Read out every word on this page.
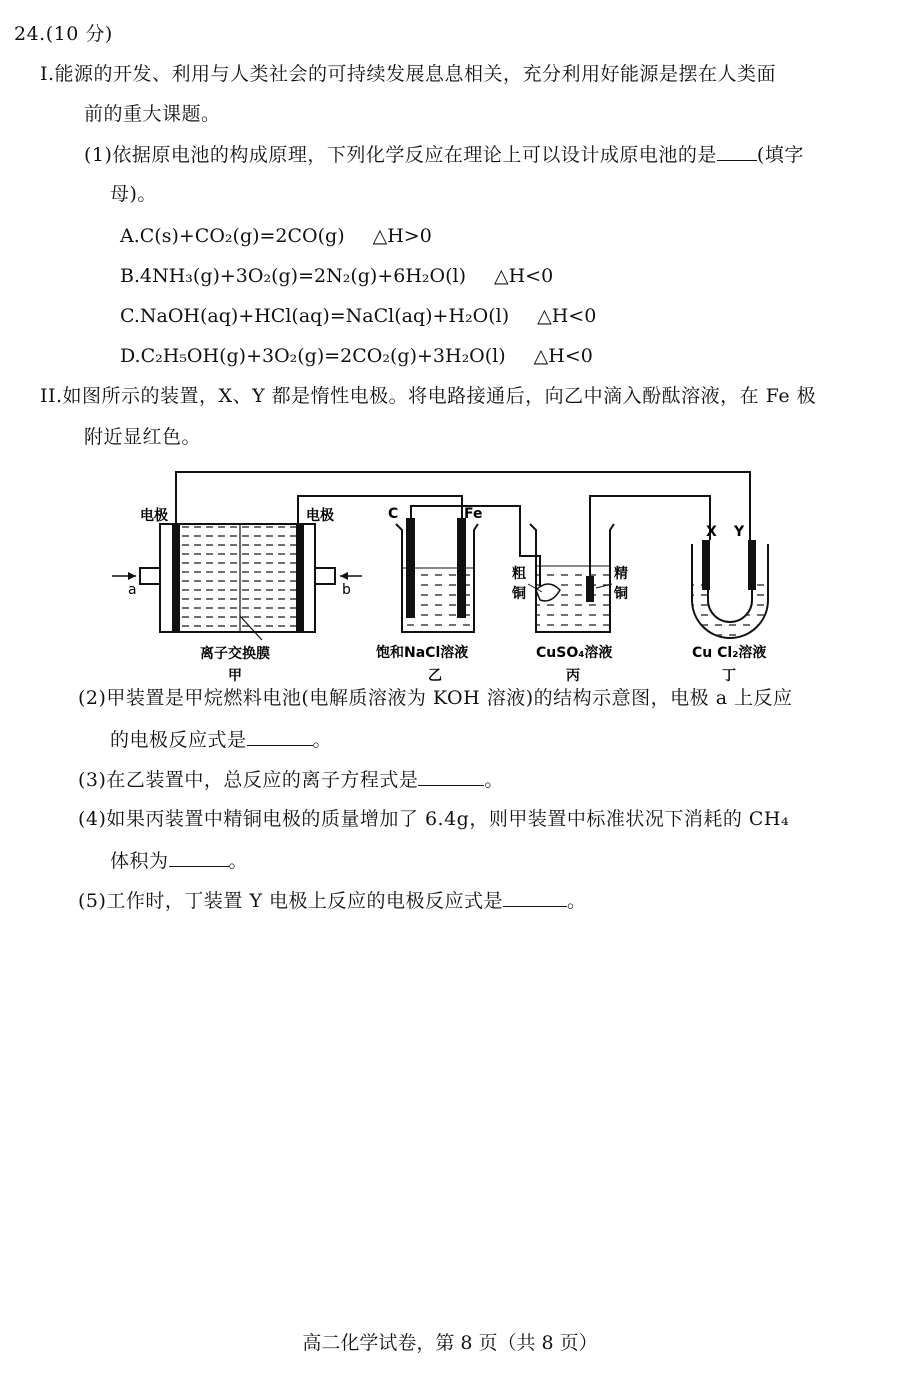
24.(10 分)
I.能源的开发、利用与人类社会的可持续发展息息相关，充分利用好能源是摆在人类面
前的重大课题。
(1)依据原电池的构成原理，下列化学反应在理论上可以设计成原电池的是 (填字
母)。
A.C(s)+CO₂(g)=2CO(g) △H>0
B.4NH₃(g)+3O₂(g)=2N₂(g)+6H₂O(l) △H<0
C.NaOH(aq)+HCl(aq)=NaCl(aq)+H₂O(l) △H<0
D.C₂H₅OH(g)+3O₂(g)=2CO₂(g)+3H₂O(l) △H<0
II.如图所示的装置，X、Y 都是惰性电极。将电路接通后，向乙中滴入酚酞溶液，在 Fe 极
附近显红色。
电极	电极
a	b
离子交换膜
甲
C	Fe
饱和NaCl溶液
乙
粗
铜
精
铜
CuSO₄溶液
丙
X Y
Cu Cl₂溶液
丁
(2)甲装置是甲烷燃料电池(电解质溶液为 KOH 溶液)的结构示意图，电极 a 上反应
的电极反应式是	。
(3)在乙装置中，总反应的离子方程式是	。
(4)如果丙装置中精铜电极的质量增加了 6.4g，则甲装置中标准状况下消耗的 CH₄
体积为	。
(5)工作时，丁装置 Y 电极上反应的电极反应式是	。
高二化学试卷，第 8 页（共 8 页）
